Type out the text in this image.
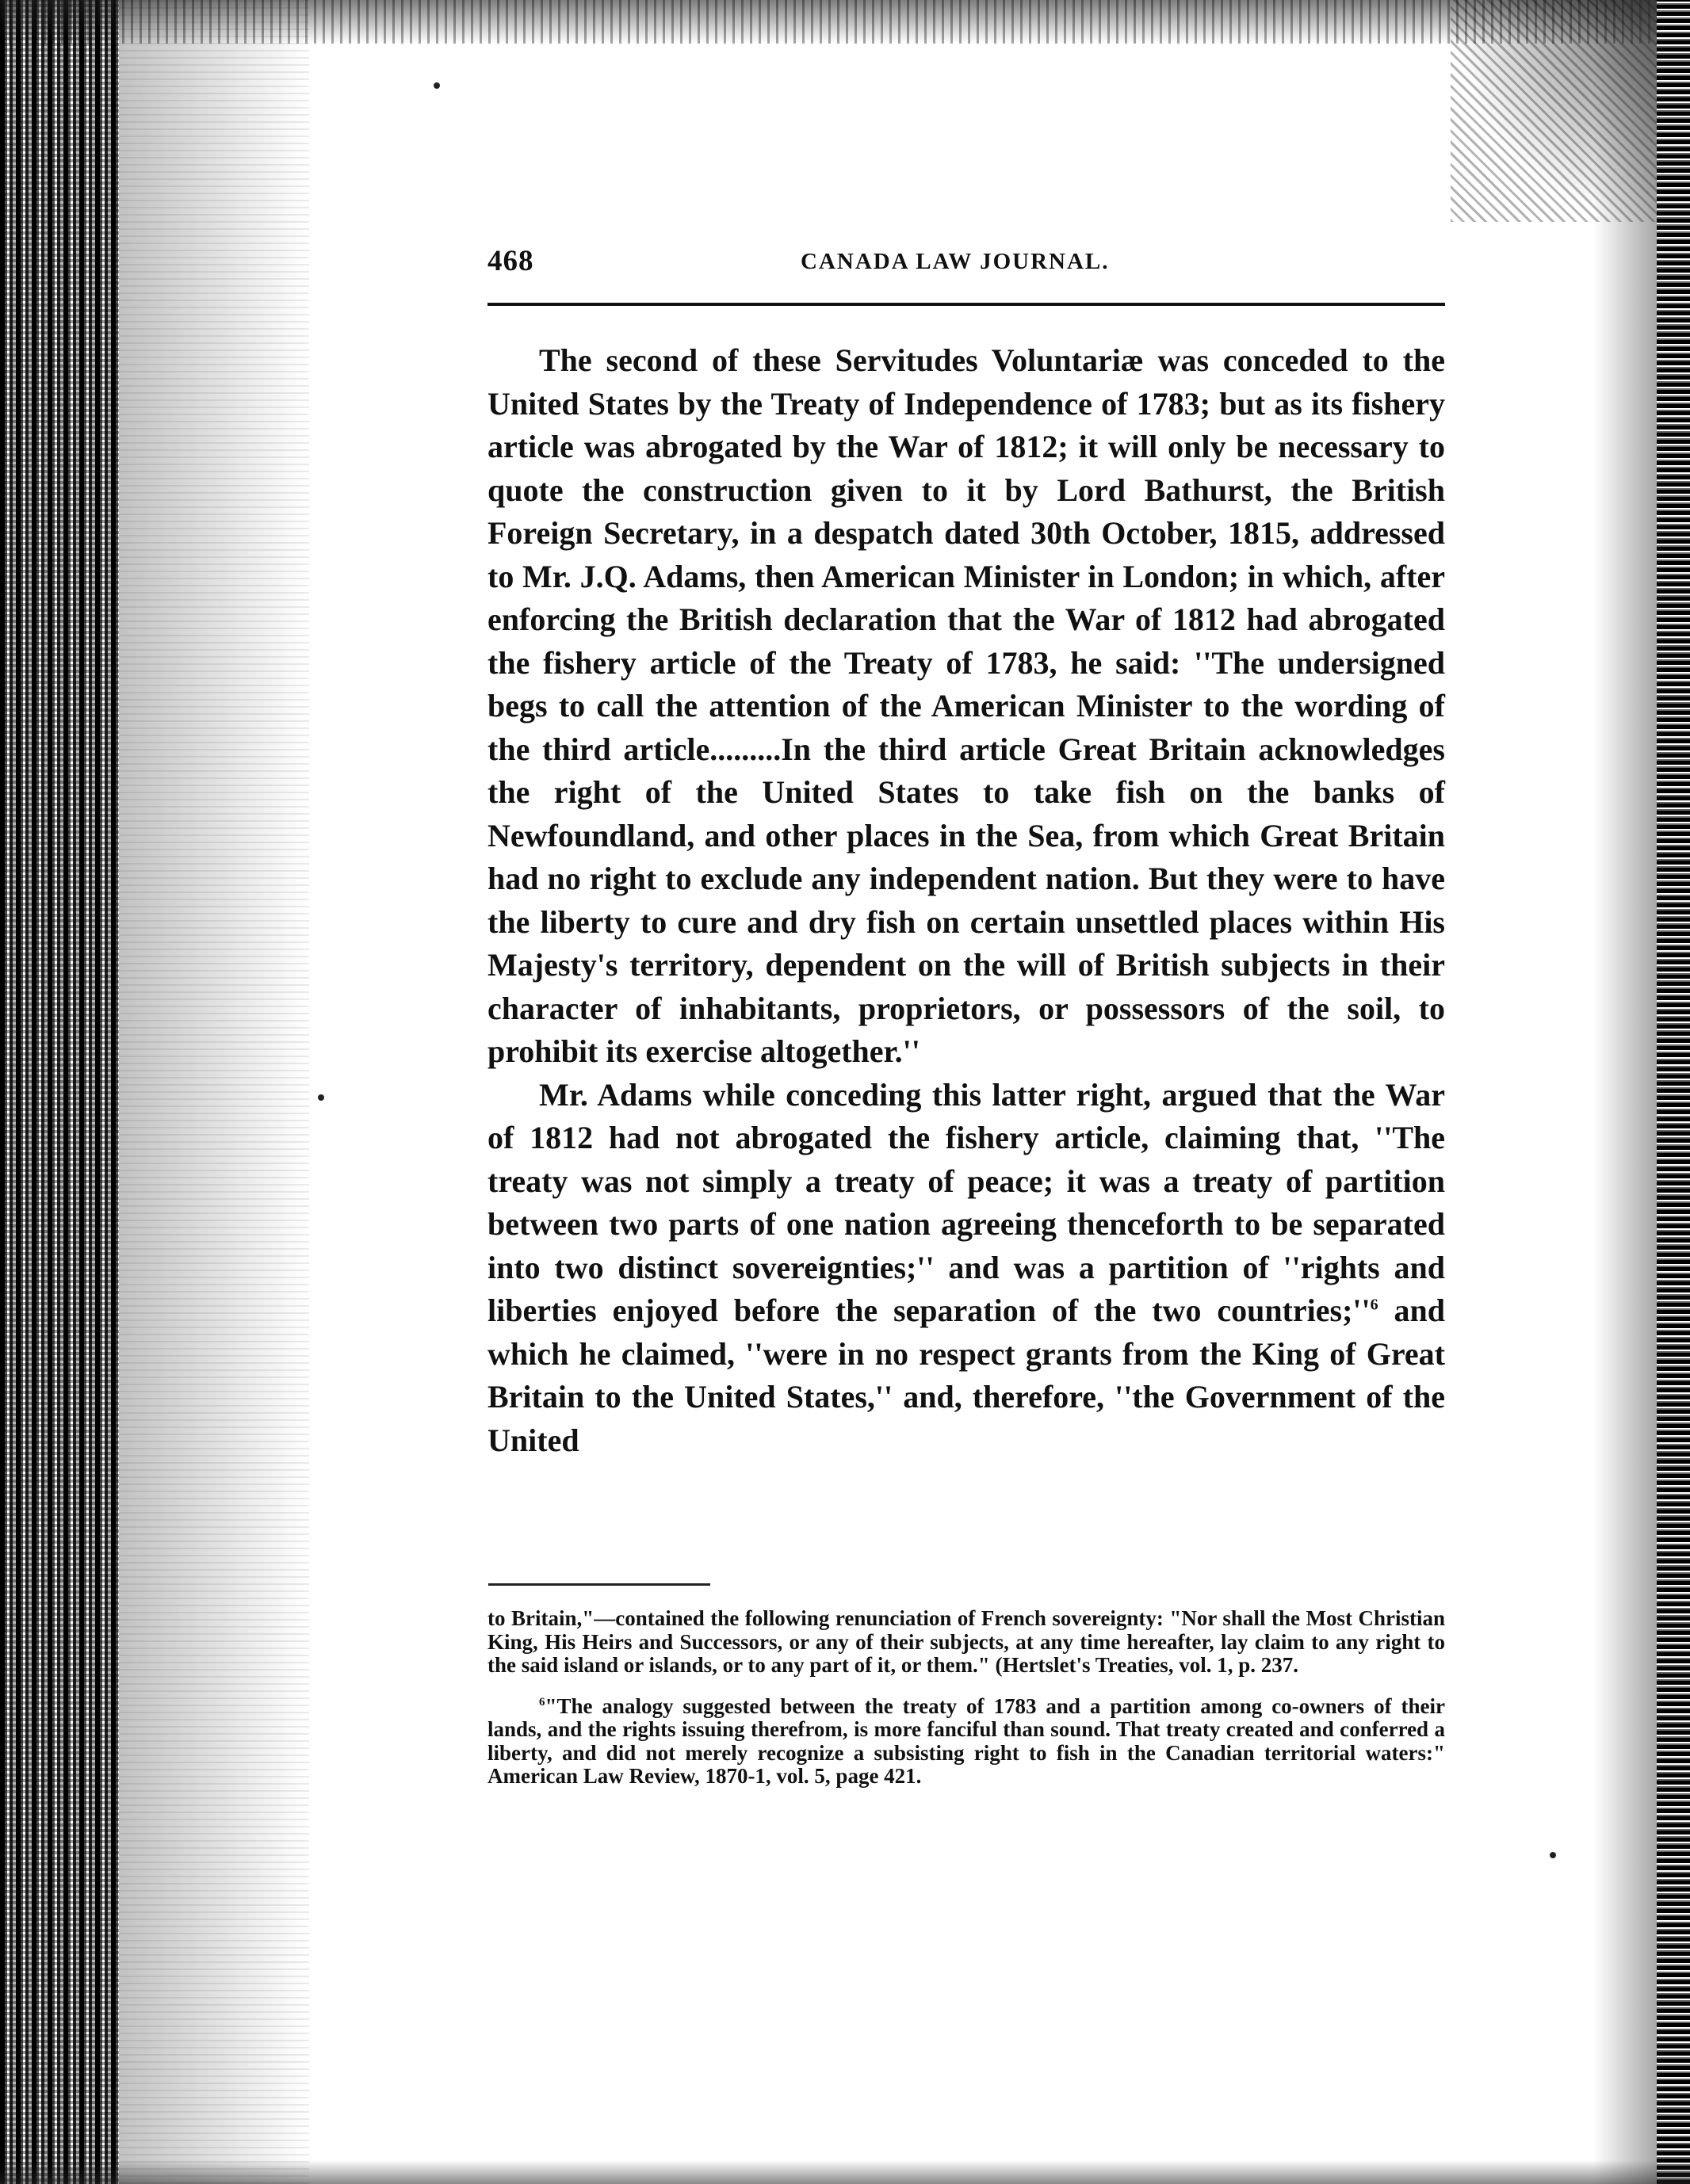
468	CANADA LAW JOURNAL.

The second of these Servitudes Voluntariæ was conceded to the United States by the Treaty of Independence of 1783; but as its fishery article was abrogated by the War of 1812; it will only be necessary to quote the construction given to it by Lord Bathurst, the British Foreign Secretary, in a despatch dated 30th October, 1815, addressed to Mr. J.Q. Adams, then American Minister in London; in which, after enforcing the British declaration that the War of 1812 had abrogated the fishery article of the Treaty of 1783, he said: ''The undersigned begs to call the attention of the American Minister to the wording of the third article.........In the third article Great Britain acknowledges the right of the United States to take fish on the banks of Newfoundland, and other places in the Sea, from which Great Britain had no right to exclude any independent nation. But they were to have the liberty to cure and dry fish on certain unsettled places within His Majesty's territory, dependent on the will of British subjects in their character of inhabitants, proprietors, or possessors of the soil, to prohibit its exercise altogether.''

Mr. Adams while conceding this latter right, argued that the War of 1812 had not abrogated the fishery article, claiming that, ''The treaty was not simply a treaty of peace; it was a treaty of partition between two parts of one nation agreeing thenceforth to be separated into two distinct sovereignties;'' and was a partition of ''rights and liberties enjoyed before the separation of the two $countries;''^6$ and which he claimed, ''were in no respect grants from the King of Great Britain to the United States,'' and, therefore, ''the Government of the United

to Britain,"—contained the following renunciation of French sovereignty: "Nor shall the Most Christian King, His Heirs and Successors, or any of their subjects, at any time hereafter, lay claim to any right to the said island or islands, or to any part of it, or them." (Hertslet's Treaties, vol. 1, p. 237.

$^6$"The analogy suggested between the treaty of 1783 and a partition among co-owners of their lands, and the rights issuing therefrom, is more fanciful than sound. That treaty created and conferred a liberty, and did not merely recognize a subsisting right to fish in the Canadian territorial waters:" American Law Review, 1870-1, vol. 5, page 421.
